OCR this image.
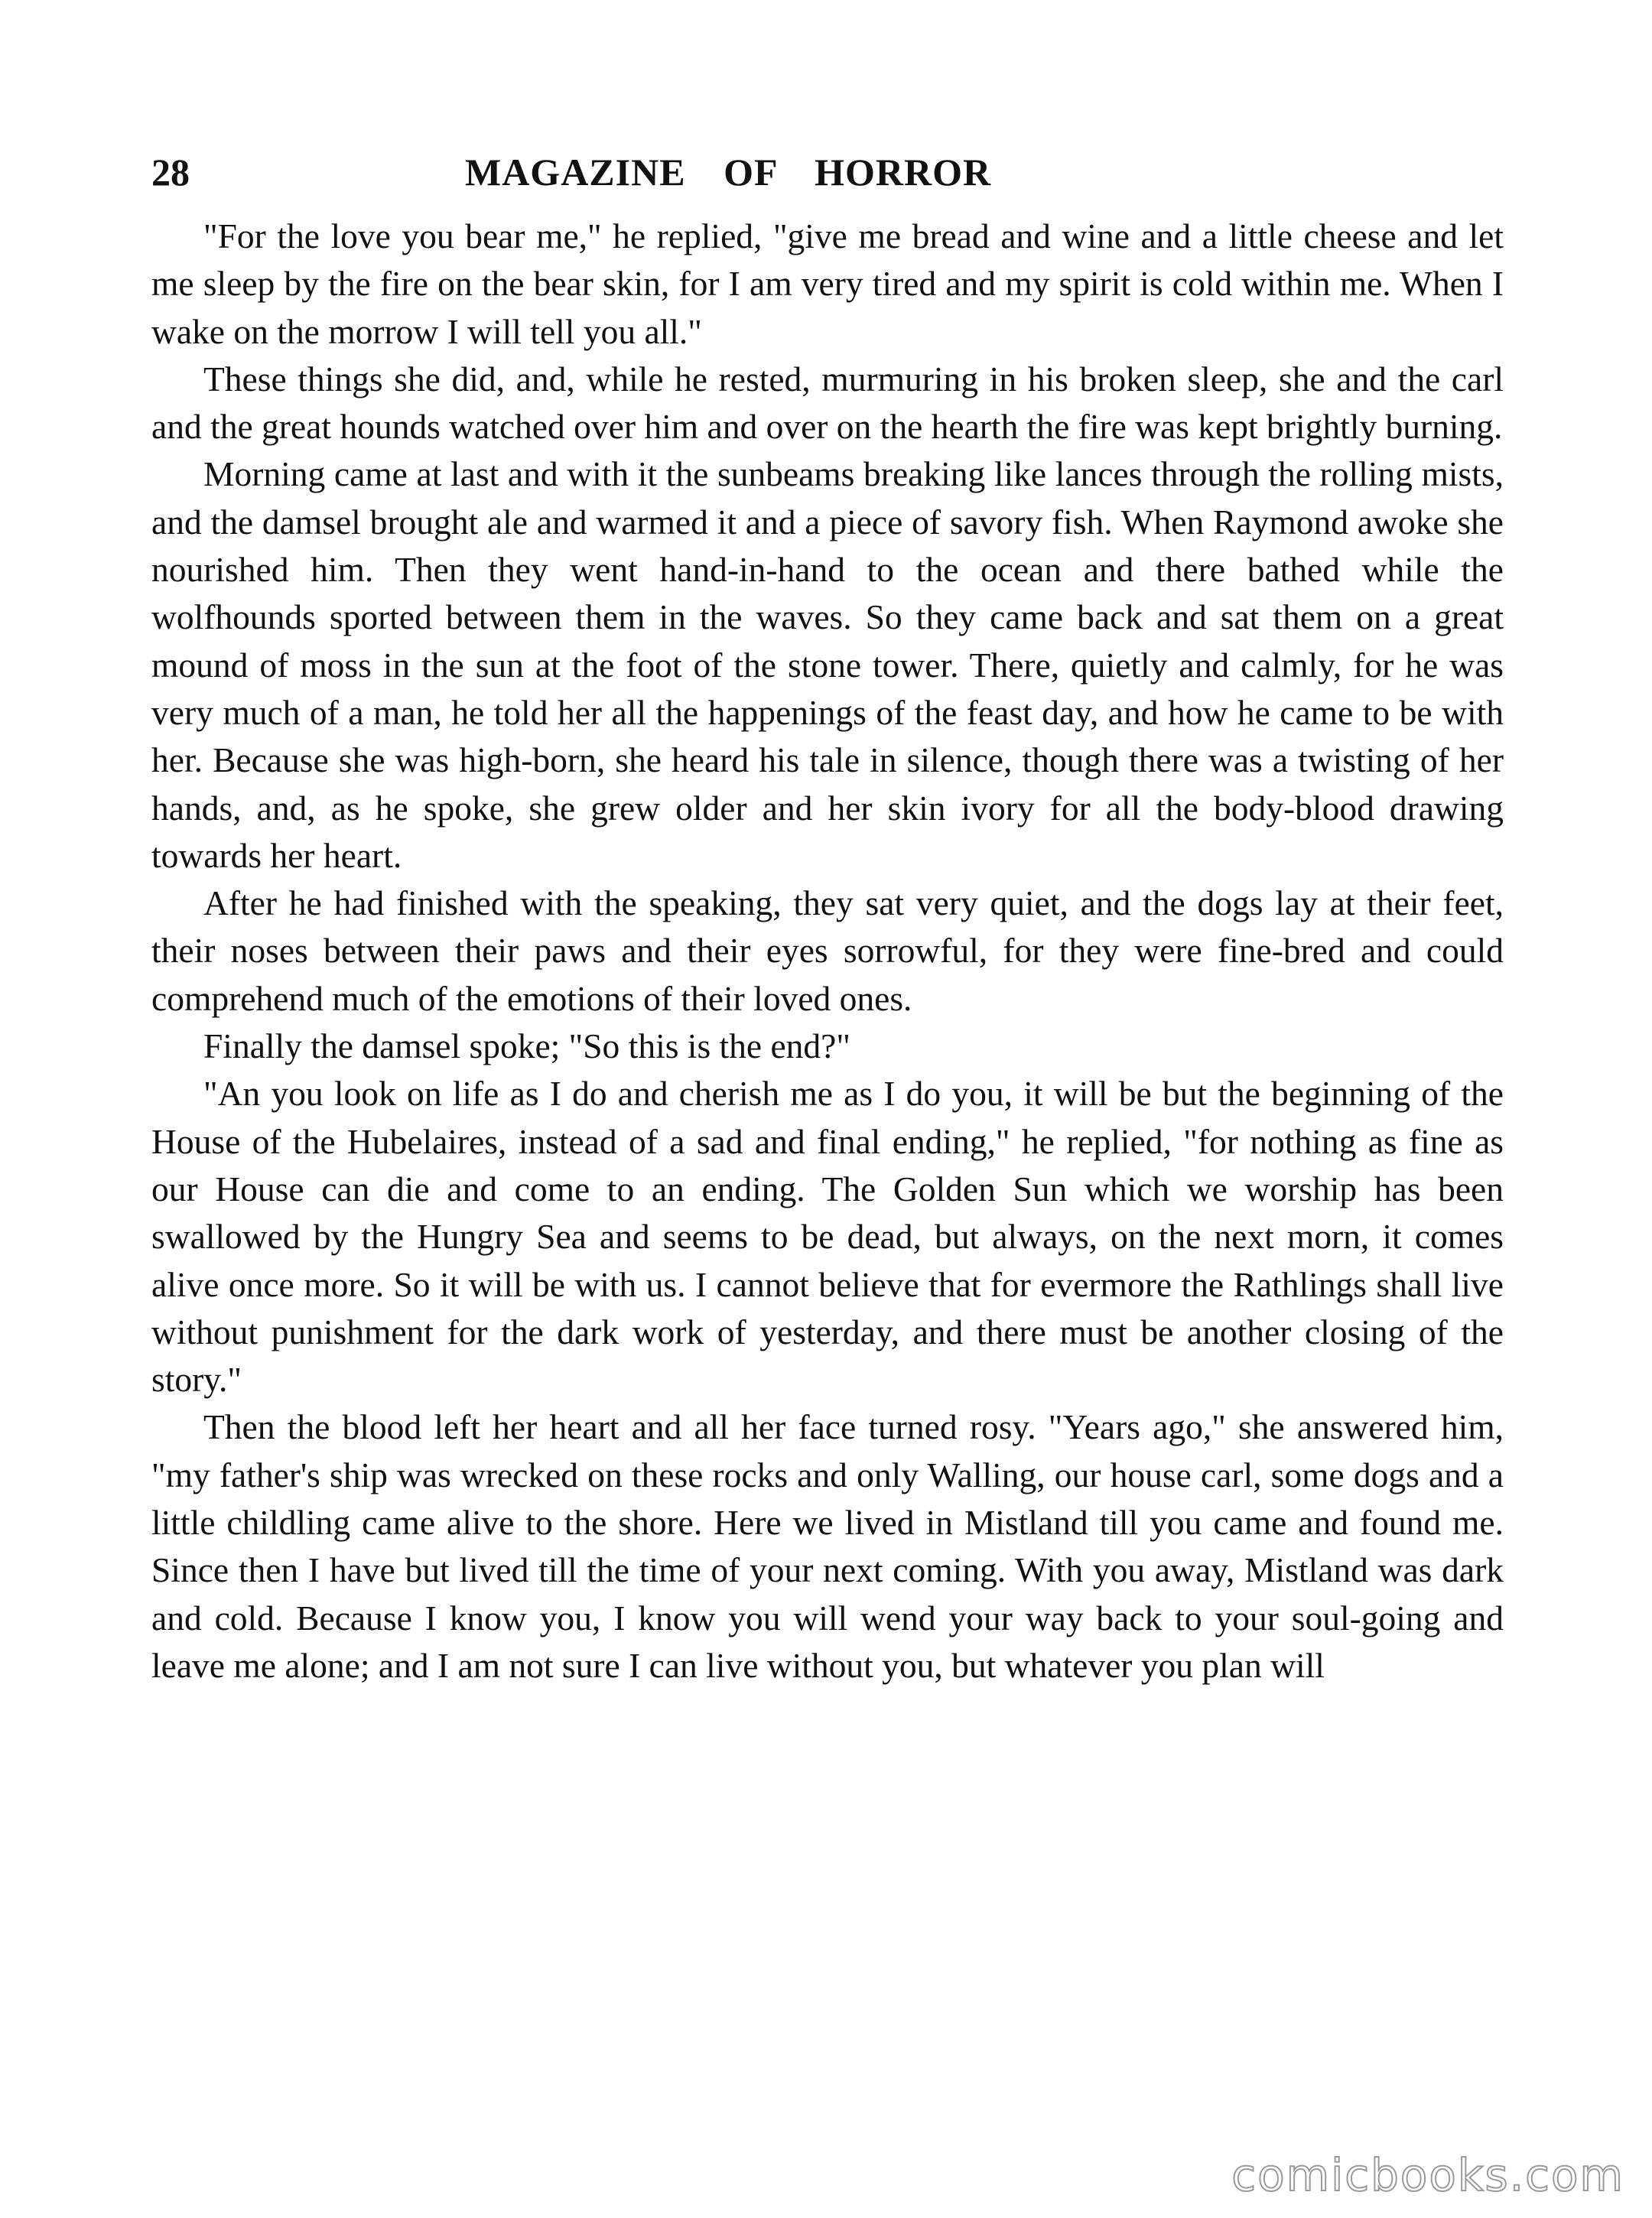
28	MAGAZINE OF HORROR

"For the love you bear me," he replied, "give me bread and wine and a little cheese and let me sleep by the fire on the bear skin, for I am very tired and my spirit is cold within me. When I wake on the morrow I will tell you all."

These things she did, and, while he rested, murmuring in his broken sleep, she and the carl and the great hounds watched over him and over on the hearth the fire was kept brightly burning.

Morning came at last and with it the sunbeams breaking like lances through the rolling mists, and the damsel brought ale and warmed it and a piece of savory fish. When Raymond awoke she nourished him. Then they went hand-in-hand to the ocean and there bathed while the wolfhounds sported between them in the waves. So they came back and sat them on a great mound of moss in the sun at the foot of the stone tower. There, quietly and calmly, for he was very much of a man, he told her all the happenings of the feast day, and how he came to be with her. Because she was high-born, she heard his tale in silence, though there was a twisting of her hands, and, as he spoke, she grew older and her skin ivory for all the body-blood drawing towards her heart.

After he had finished with the speaking, they sat very quiet, and the dogs lay at their feet, their noses between their paws and their eyes sorrowful, for they were fine-bred and could comprehend much of the emotions of their loved ones.

Finally the damsel spoke; "So this is the end?"

"An you look on life as I do and cherish me as I do you, it will be but the beginning of the House of the Hubelaires, instead of a sad and final ending," he replied, "for nothing as fine as our House can die and come to an ending. The Golden Sun which we worship has been swallowed by the Hungry Sea and seems to be dead, but always, on the next morn, it comes alive once more. So it will be with us. I cannot believe that for evermore the Rathlings shall live without punishment for the dark work of yesterday, and there must be another closing of the story."

Then the blood left her heart and all her face turned rosy. "Years ago," she answered him, "my father's ship was wrecked on these rocks and only Walling, our house carl, some dogs and a little childling came alive to the shore. Here we lived in Mistland till you came and found me. Since then I have but lived till the time of your next coming. With you away, Mistland was dark and cold. Because I know you, I know you will wend your way back to your soul-going and leave me alone; and I am not sure I can live without you, but whatever you plan will

comicbooks.com
